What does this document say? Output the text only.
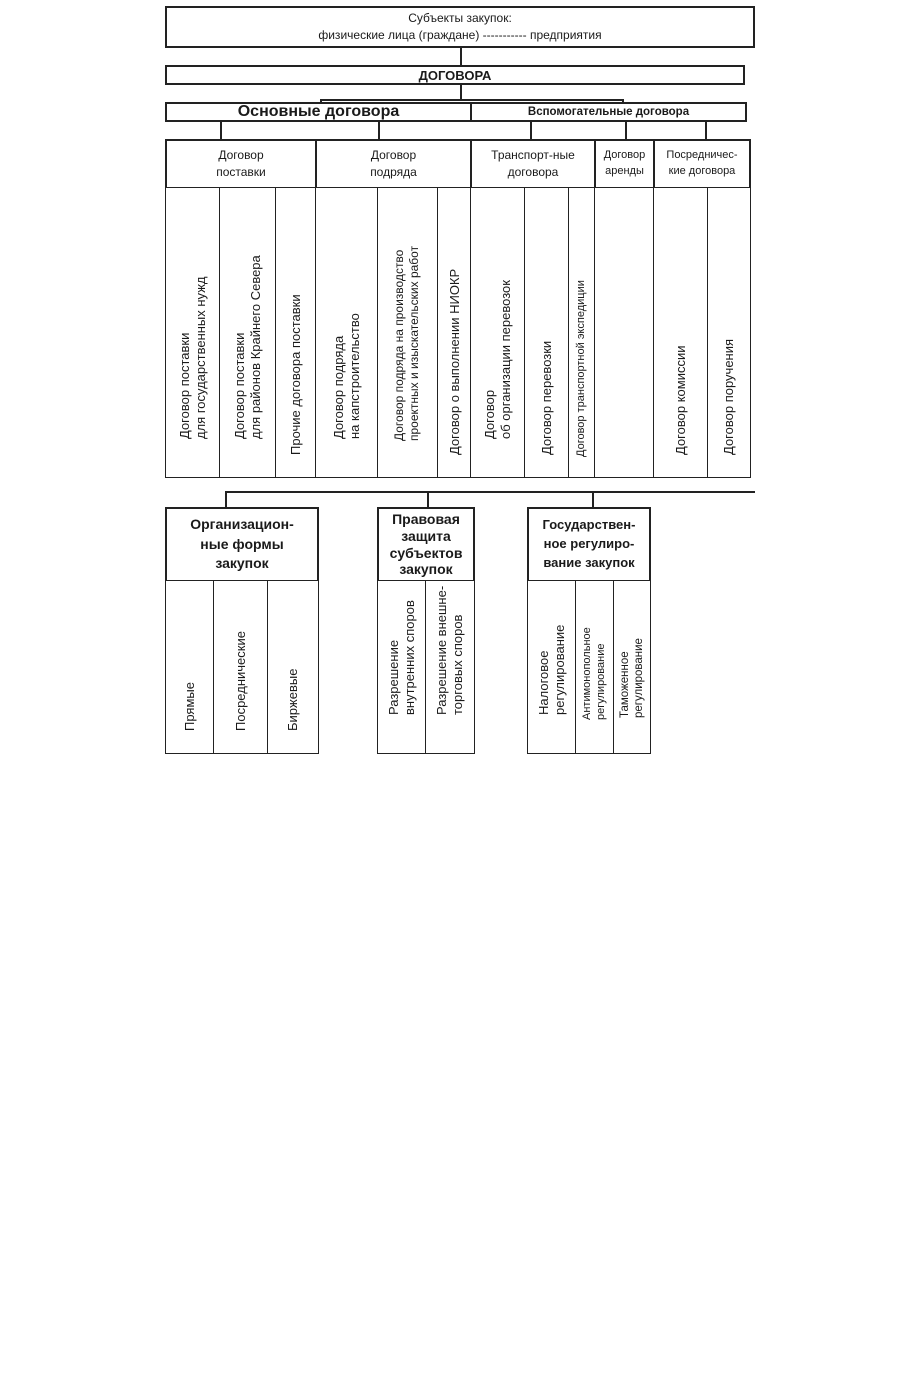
Субъекты закупок:
физические лица (граждане) ----------- предприятия
ДОГОВОРА
Основные договора	Вспомогательные договора
Договор поставки
Договор подряда
Транспорт-ные договора
Договор аренды
Посредничес-кие договора
Договор поставки для государственных нужд Договор поставки для районов Крайнего Севера Прочие договора поставки Договор подряда на капстроительство Договор подряда на производство проектных и изыскательских работ Договор о выполнении НИОКР Договор об организации перевозок Договор перевозки Договор транспортной экспедиции	Договор комиссии	Договор поручения
Организацион-ные формы закупок
Правовая защита субъектов закупок
Государствен-ное регулиро-вание закупок
Прямые	Посреднические	Биржевые	Разрешение внутренних споров Разрешение внешне- торговых споров	Налоговое регулирование Антимонопольное регулирование Таможенное регулирование
